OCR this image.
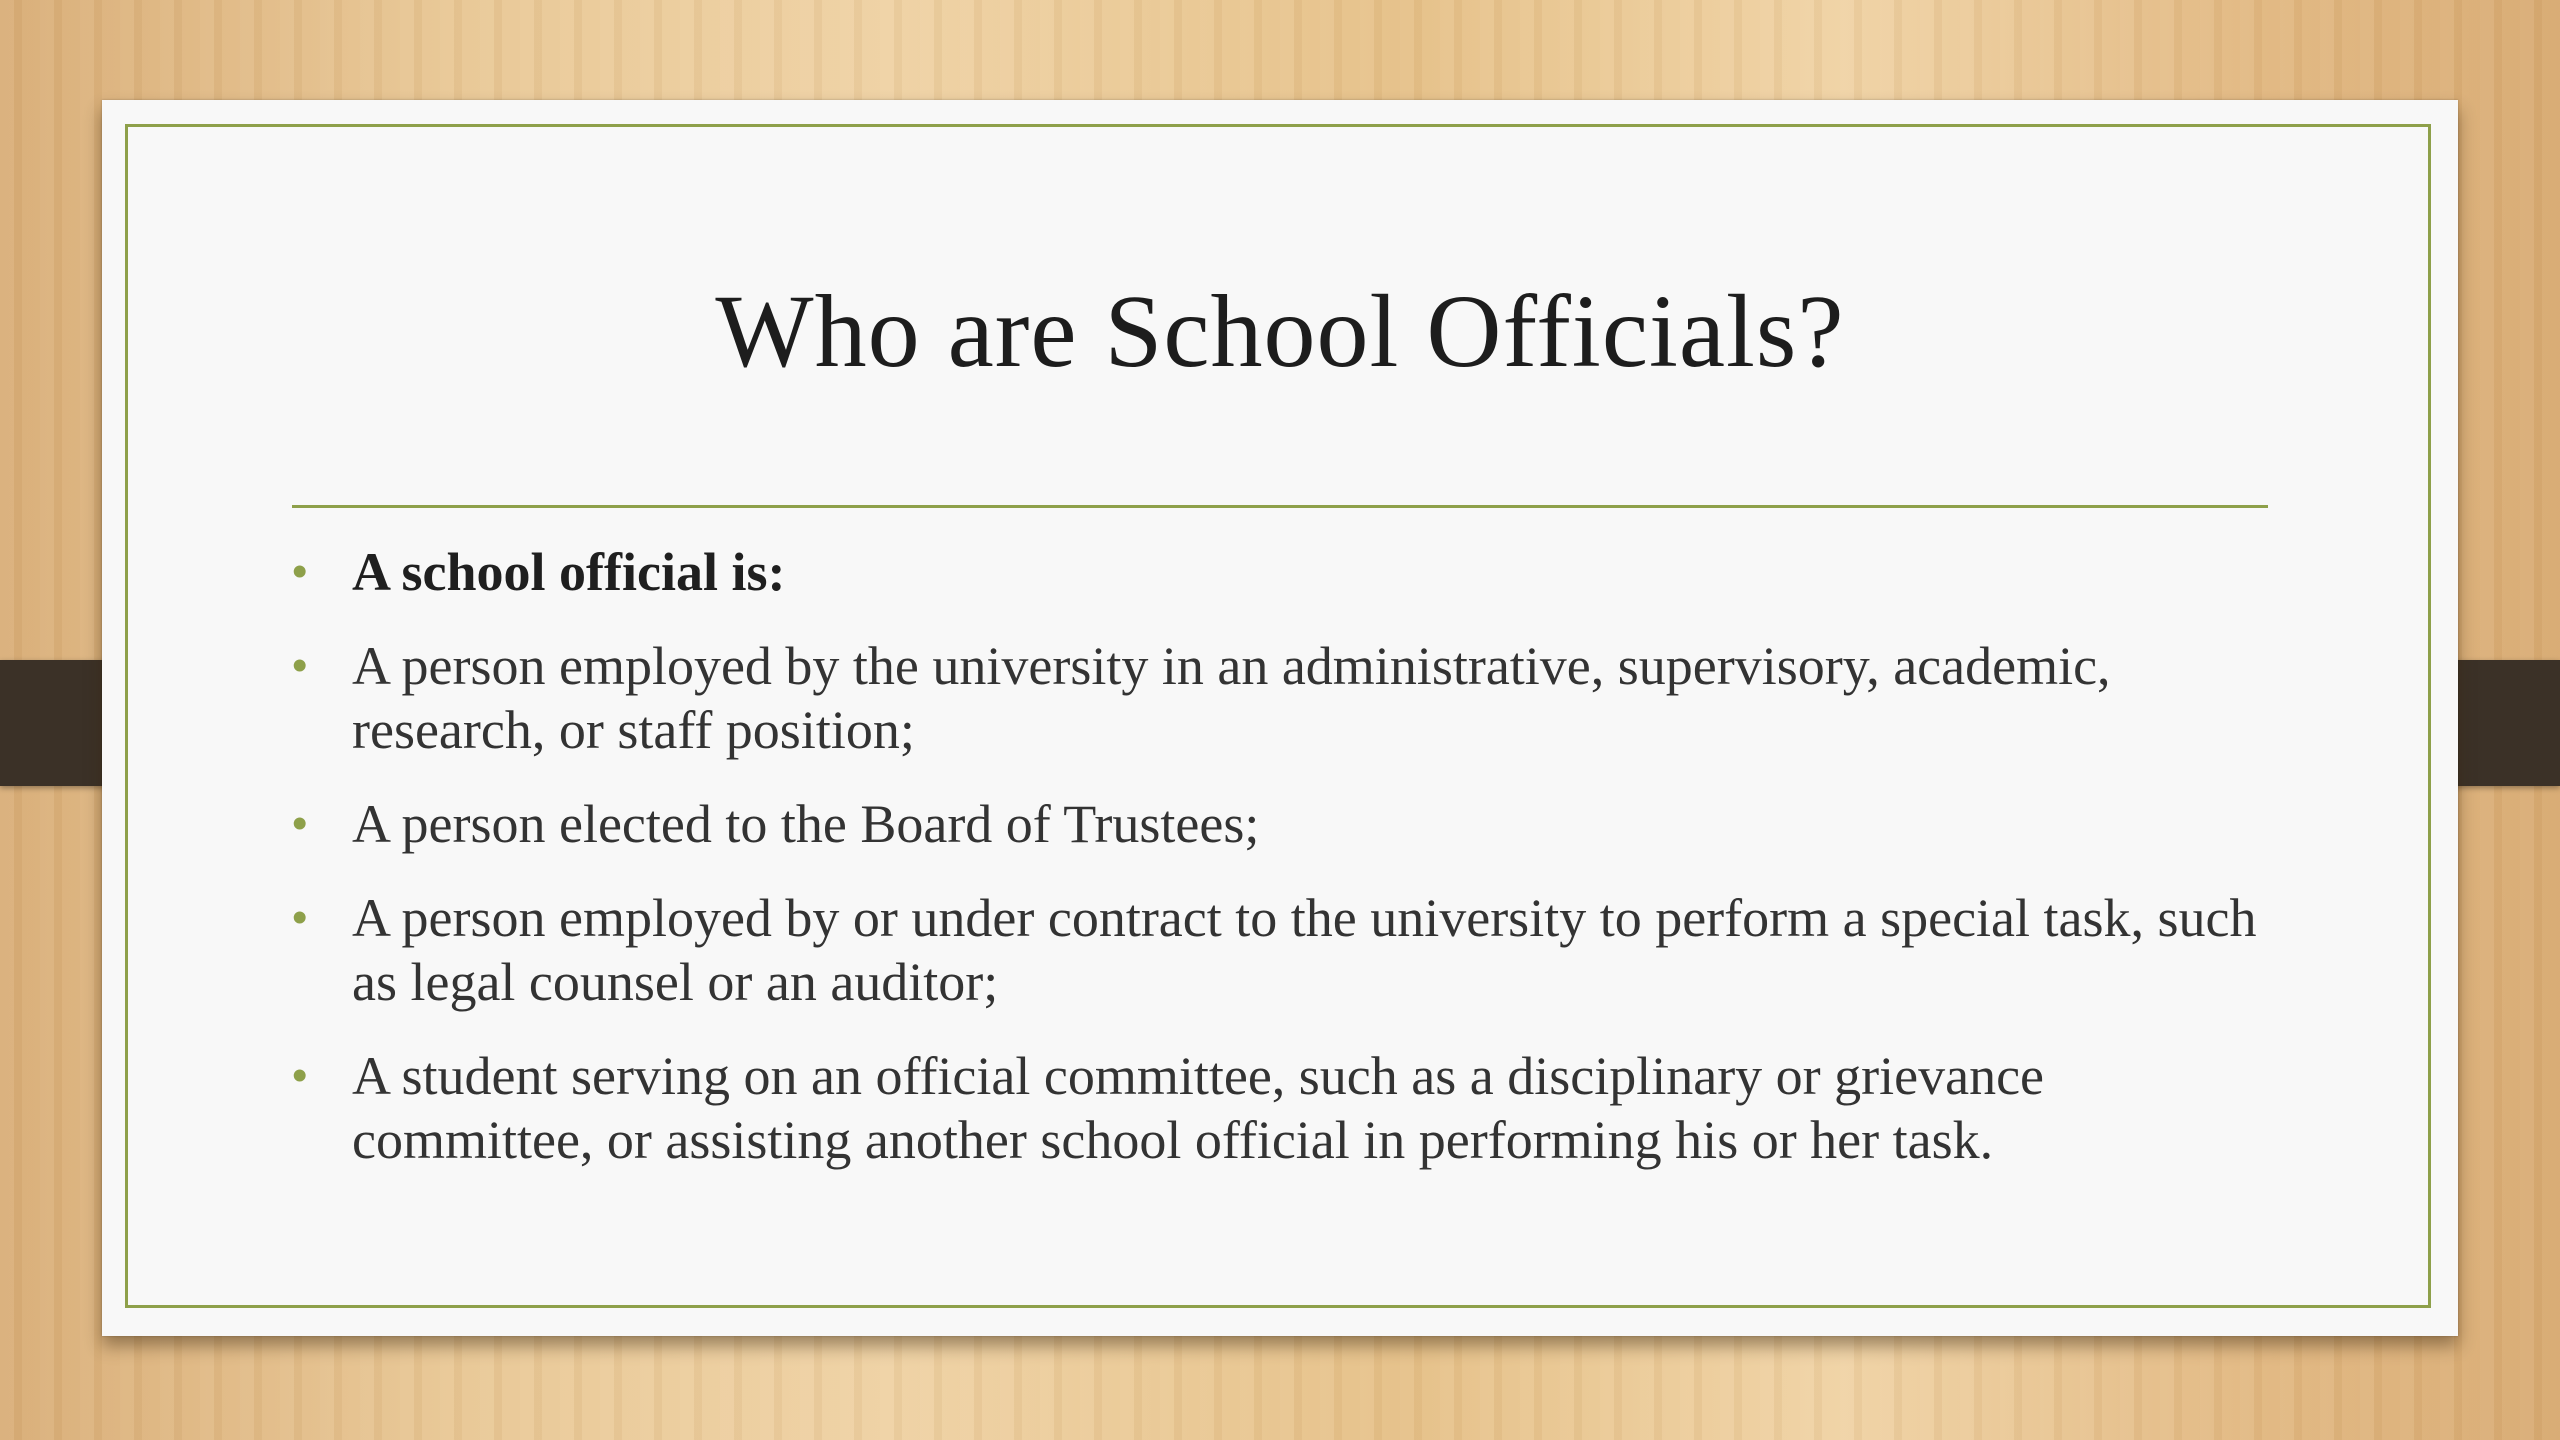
Who are School Officials?
• A school official is:
• A person employed by the university in an administrative, supervisory, academic, research, or staff position;
• A person elected to the Board of Trustees;
• A person employed by or under contract to the university to perform a special task, such as legal counsel or an auditor;
• A student serving on an official committee, such as a disciplinary or grievance committee, or assisting another school official in performing his or her task.
